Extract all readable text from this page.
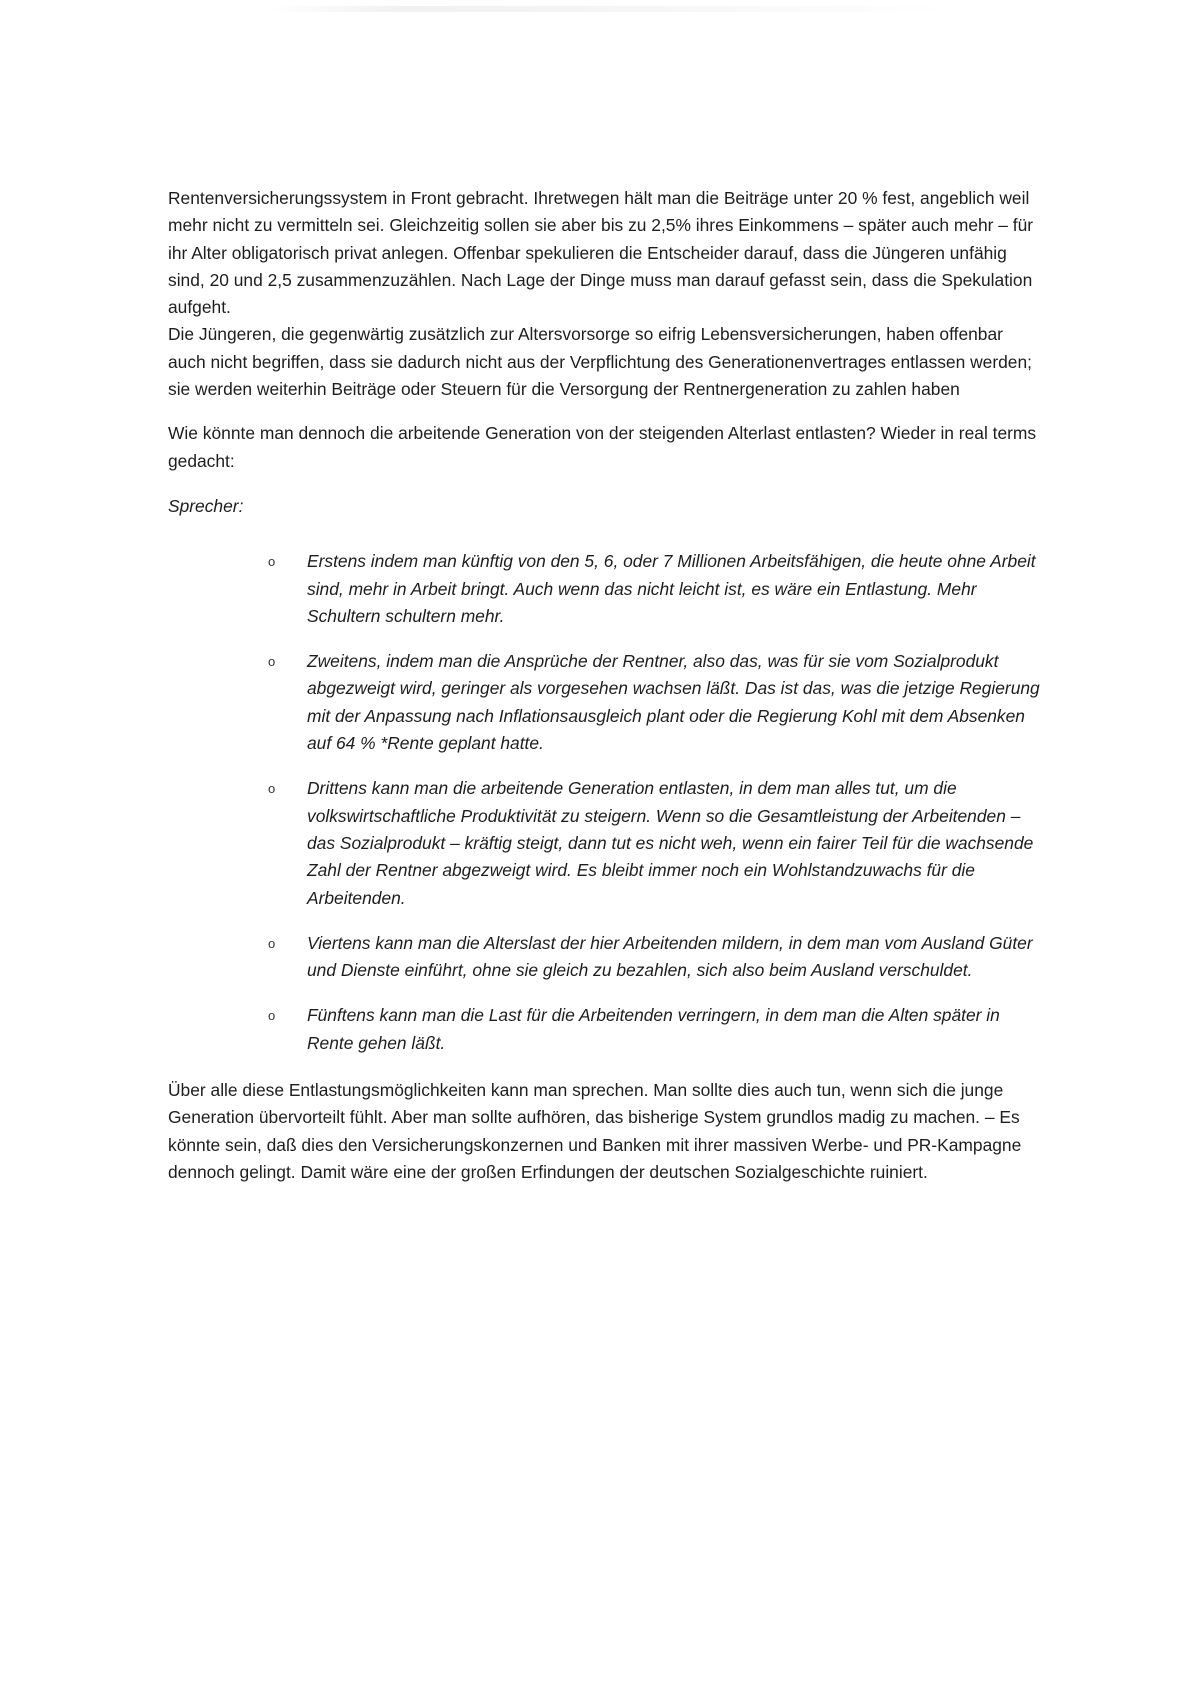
Rentenversicherungssystem in Front gebracht. Ihretwegen hält man die Beiträge unter 20 % fest, angeblich weil mehr nicht zu vermitteln sei. Gleichzeitig sollen sie aber bis zu 2,5% ihres Einkommens – später auch mehr – für ihr Alter obligatorisch privat anlegen. Offenbar spekulieren die Entscheider darauf, dass die Jüngeren unfähig sind, 20 und 2,5 zusammenzuzählen. Nach Lage der Dinge muss man darauf gefasst sein, dass die Spekulation aufgeht.

Die Jüngeren, die gegenwärtig zusätzlich zur Altersvorsorge so eifrig Lebensversicherungen, haben offenbar auch nicht begriffen, dass sie dadurch nicht aus der Verpflichtung des Generationenvertrages entlassen werden; sie werden weiterhin Beiträge oder Steuern für die Versorgung der Rentnergeneration zu zahlen haben

Wie könnte man dennoch die arbeitende Generation von der steigenden Alterlast entlasten? Wieder in real terms gedacht:

Sprecher:

o Erstens indem man künftig von den 5, 6, oder 7 Millionen Arbeitsfähigen, die heute ohne Arbeit sind, mehr in Arbeit bringt. Auch wenn das nicht leicht ist, es wäre ein Entlastung. Mehr Schultern schultern mehr.
o Zweitens, indem man die Ansprüche der Rentner, also das, was für sie vom Sozialprodukt abgezweigt wird, geringer als vorgesehen wachsen läßt. Das ist das, was die jetzige Regierung mit der Anpassung nach Inflationsausgleich plant oder die Regierung Kohl mit dem Absenken auf 64 % *Rente geplant hatte.
o Drittens kann man die arbeitende Generation entlasten, in dem man alles tut, um die volkswirtschaftliche Produktivität zu steigern. Wenn so die Gesamtleistung der Arbeitenden – das Sozialprodukt – kräftig steigt, dann tut es nicht weh, wenn ein fairer Teil für die wachsende Zahl der Rentner abgezweigt wird. Es bleibt immer noch ein Wohlstandzuwachs für die Arbeitenden.
o Viertens kann man die Alterslast der hier Arbeitenden mildern, in dem man vom Ausland Güter und Dienste einführt, ohne sie gleich zu bezahlen, sich also beim Ausland verschuldet.
o Fünftens kann man die Last für die Arbeitenden verringern, in dem man die Alten später in Rente gehen läßt.

Über alle diese Entlastungsmöglichkeiten kann man sprechen. Man sollte dies auch tun, wenn sich die junge Generation übervorteilt fühlt. Aber man sollte aufhören, das bisherige System grundlos madig zu machen. – Es könnte sein, daß dies den Versicherungskonzernen und Banken mit ihrer massiven Werbe- und PR-Kampagne dennoch gelingt. Damit wäre eine der großen Erfindungen der deutschen Sozialgeschichte ruiniert.
